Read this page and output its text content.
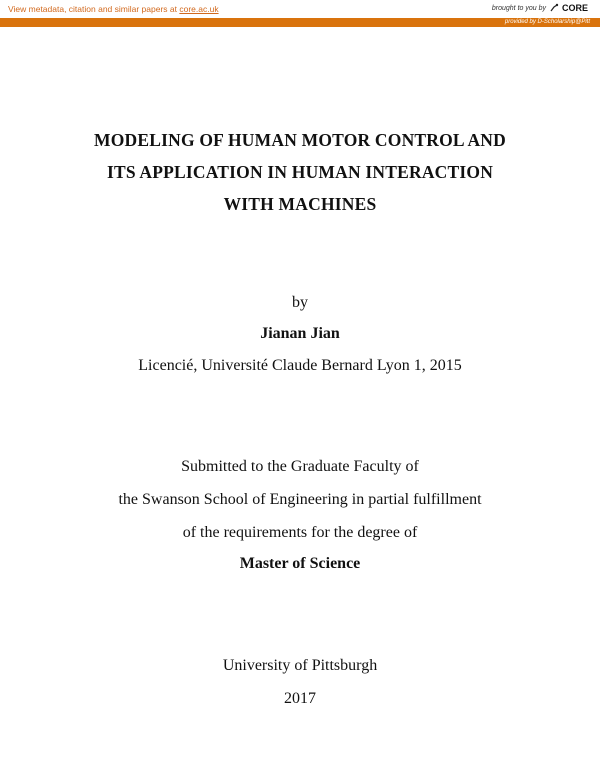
View metadata, citation and similar papers at core.ac.uk	brought to you by CORE
provided by D-Scholarship@Pitt
MODELING OF HUMAN MOTOR CONTROL AND
ITS APPLICATION IN HUMAN INTERACTION
WITH MACHINES
by
Jianan Jian
Licencié, Université Claude Bernard Lyon 1, 2015
Submitted to the Graduate Faculty of
the Swanson School of Engineering in partial fulfillment
of the requirements for the degree of
Master of Science
University of Pittsburgh
2017
